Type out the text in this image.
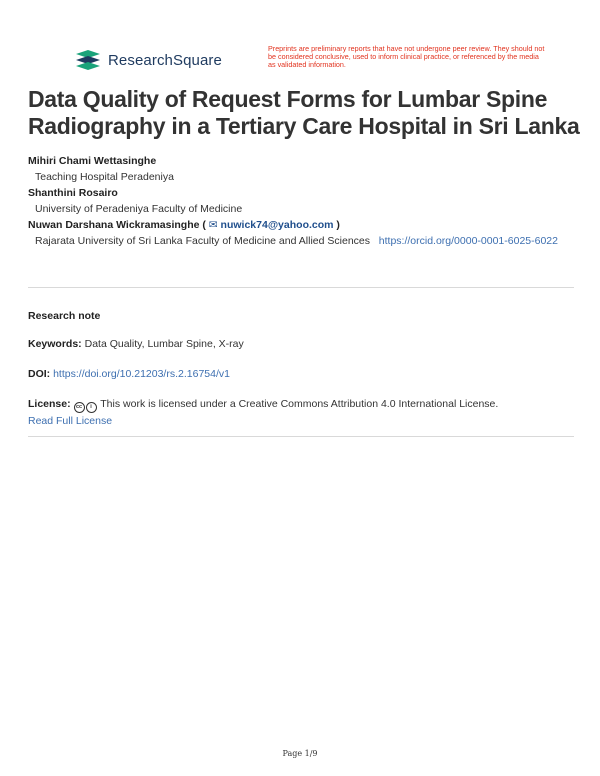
ResearchSquare
Preprints are preliminary reports that have not undergone peer review. They should not be considered conclusive, used to inform clinical practice, or referenced by the media as validated information.
Data Quality of Request Forms for Lumbar Spine Radiography in a Tertiary Care Hospital in Sri Lanka
Mihiri Chami Wettasinghe
Teaching Hospital Peradeniya
Shanthini Rosairo
University of Peradeniya Faculty of Medicine
Nuwan Darshana Wickramasinghe ( ✉ nuwick74@yahoo.com )
Rajarata University of Sri Lanka Faculty of Medicine and Allied Sciences https://orcid.org/0000-0001-6025-6022
Research note
Keywords: Data Quality, Lumbar Spine, X-ray
DOI: https://doi.org/10.21203/rs.2.16754/v1
License: cc i This work is licensed under a Creative Commons Attribution 4.0 International License.
Read Full License
Page 1/9
